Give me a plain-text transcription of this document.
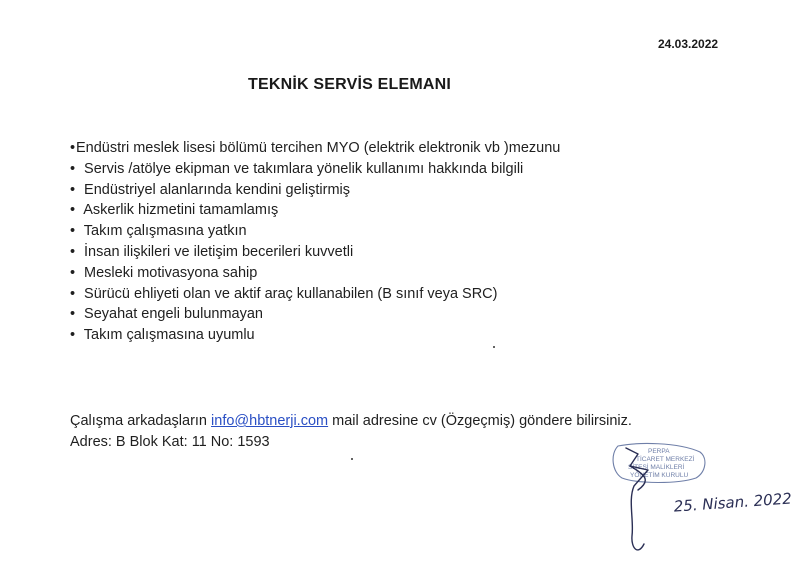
24.03.2022
TEKNİK SERVİS ELEMANI
•Endüstri meslek lisesi bölümü tercihen MYO (elektrik elektronik vb )mezunu
• Servis /atölye ekipman ve takımlara yönelik kullanımı hakkında bilgili
• Endüstriyel alanlarında kendini geliştirmiş
• Askerlik hizmetini tamamlamış
• Takım çalışmasına yatkın
• İnsan ilişkileri ve iletişim becerileri kuvvetli
• Mesleki motivasyona sahip
• Sürücü ehliyeti olan ve aktif araç kullanabilen (B sınıf veya SRC)
• Seyahat engeli bulunmayan
• Takım çalışmasına uyumlu
Çalışma arkadaşların info@hbtnerji.com mail adresine cv (Özgeçmiş) göndere bilirsiniz.
Adres: B Blok Kat: 11 No: 1593
PERPA
TİCARET MERKEZİ
SİTESİ MALİKLERİ
YÖNETİM KURULU
25. Nisan. 2022
